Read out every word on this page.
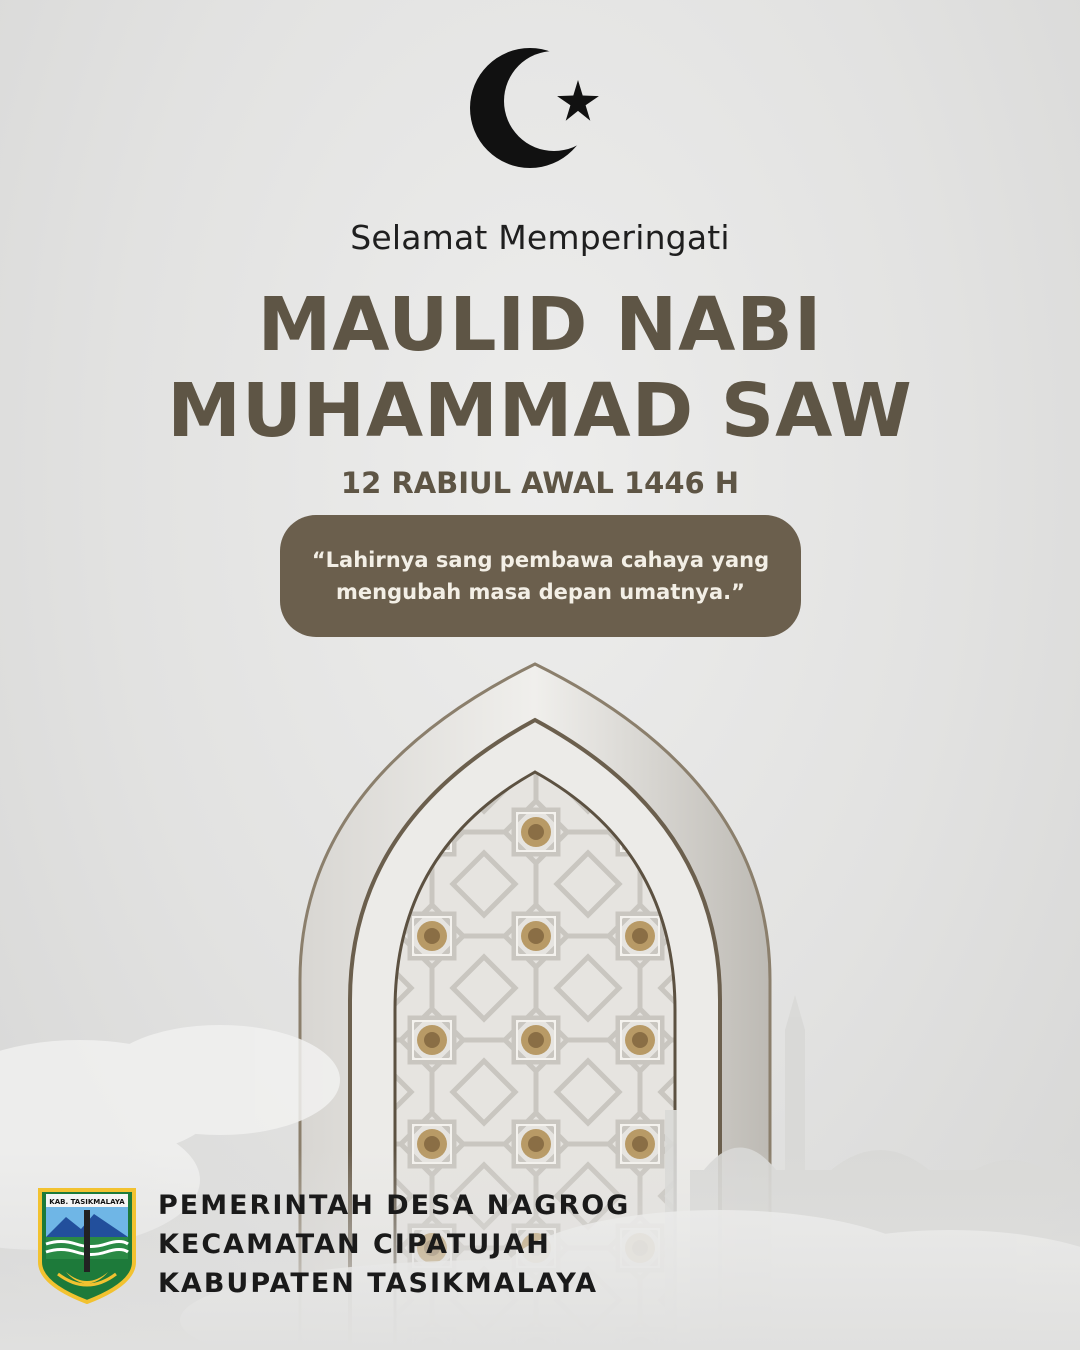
Selamat Memperingati
MAULID NABI
MUHAMMAD SAW
12 RABIUL AWAL 1446 H
“Lahirnya sang pembawa cahaya yang
mengubah masa depan umatnya.”
KAB. TASIKMALAYA PEMERINTAH DESA NAGROG
KECAMATAN CIPATUJAH
KABUPATEN TASIKMALAYA
